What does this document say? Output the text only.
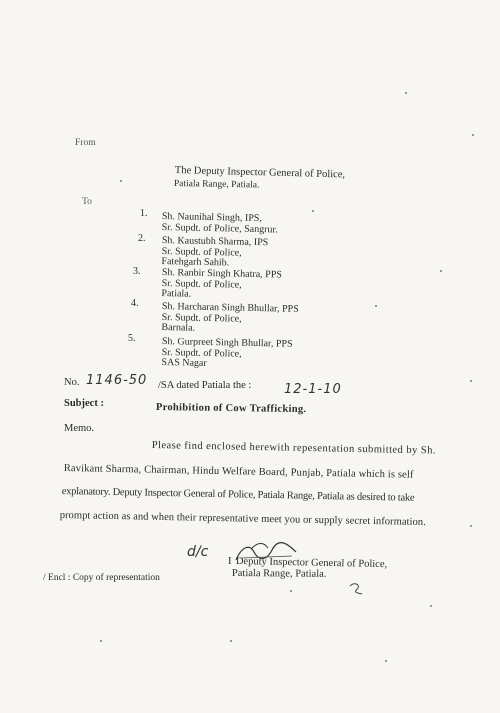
From
The Deputy Inspector General of Police,
Patiala Range, Patiala.
To
1. Sh. Naunihal Singh, IPS,
Sr. Supdt. of Police, Sangrur.
2. Sh. Kaustubh Sharma, IPS
Sr. Supdt. of Police,
Fatehgarh Sahib.
3. Sh. Ranbir Singh Khatra, PPS
Sr. Supdt. of Police,
Patiala.
4. Sh. Harcharan Singh Bhullar, PPS
Sr. Supdt. of Police,
Barnala.
5.	Sh. Gurpreet Singh Bhullar, PPS
Sr. Supdt. of Police,
SAS Nagar
No. 1146-50 /SA dated Patiala the :	12-1-10
Subject :	Prohibition of Cow Trafficking.
Memo.
Please find enclosed herewith repesentation submitted by Sh.
Ravikant Sharma, Chairman, Hindu Welfare Board, Punjab, Patiala which is self
explanatory. Deputy Inspector General of Police, Patiala Range, Patiala as desired to take
prompt action as and when their representative meet you or supply secret information.
d/c
I Deputy Inspector General of Police,
Patiala Range, Patiala.
/ Encl : Copy of representation
